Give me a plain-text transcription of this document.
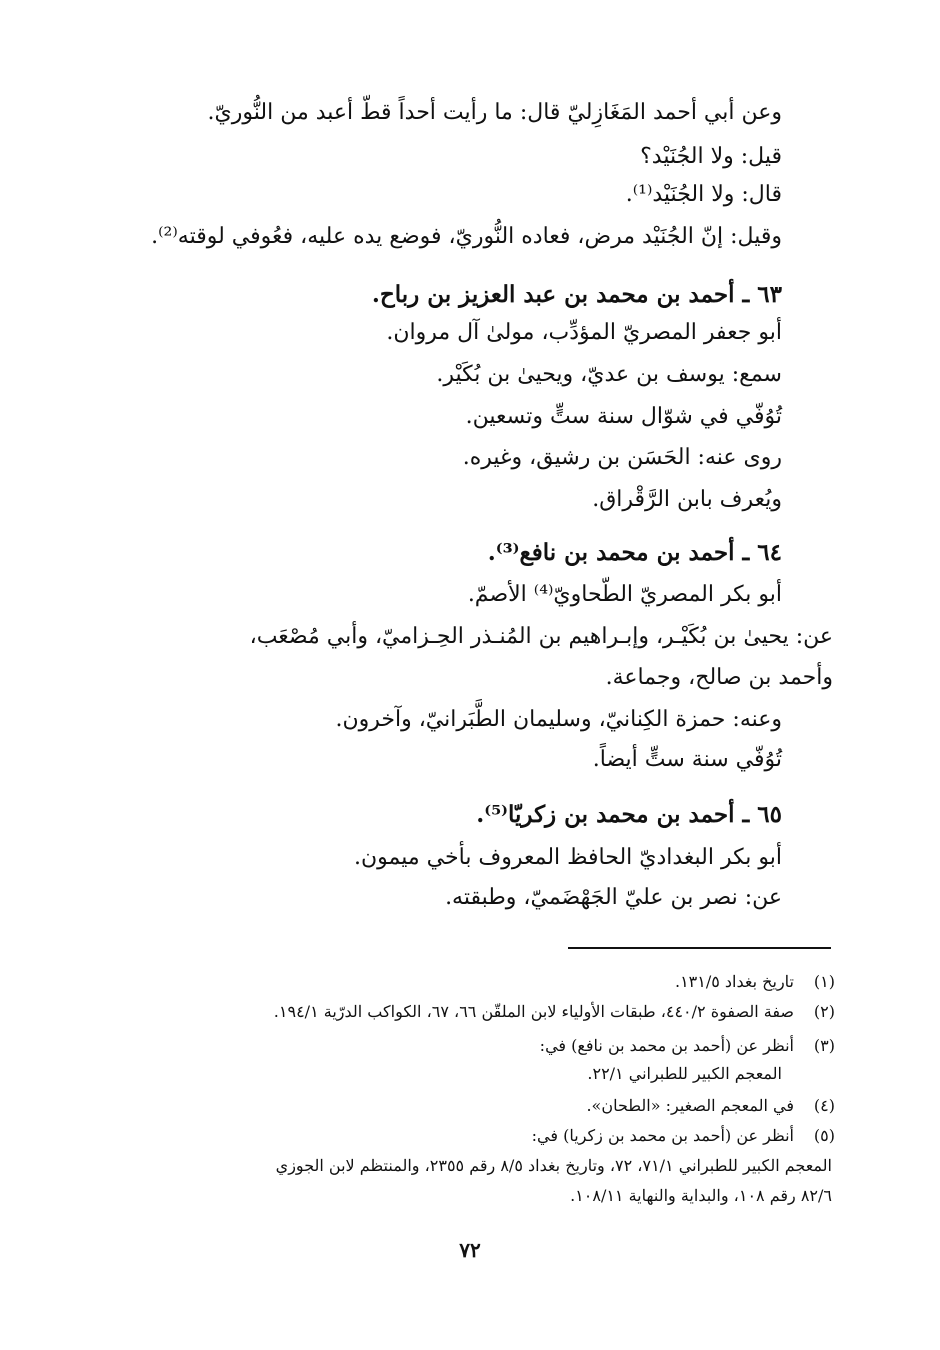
وعن أبي أحمد المَغَازِليّ قال: ما رأيت أحداً قطّ أعبد من النُّوريّ.
قيل: ولا الجُنَيْد؟
قال: ولا الجُنَيْد⁽¹⁾.
وقيل: إنّ الجُنَيْد مرض، فعاده النُّوريّ، فوضع يده عليه، فعُوفي لوقته⁽²⁾.
٦٣ ـ أحمد بن محمد بن عبد العزيز بن رباح.
أبو جعفر المصريّ المؤدِّب، مولىٰ آل مروان.
سمع: يوسف بن عديّ، ويحيىٰ بن بُكَيْر.
تُوُفّي في شوّال سنة ستٍّ وتسعين.
روى عنه: الحَسَن بن رشيق، وغيره.
ويُعرف بابن الرَّقْراق.
٦٤ ـ أحمد بن محمد بن نافع⁽³⁾.
أبو بكر المصريّ الطّحاويّ⁽⁴⁾ الأصمّ.
عن: يحيىٰ بن بُكَيْـر، وإبـراهيم بن المُنـذر الحِـزاميّ، وأبي مُصْعَب،
وأحمد بن صالح، وجماعة.
وعنه: حمزة الكِنانيّ، وسليمان الطَّبَرانيّ، وآخرون.
تُوُفّي سنة ستٍّ أيضاً.
٦٥ ـ أحمد بن محمد بن زكريّا⁽⁵⁾.
أبو بكر البغداديّ الحافظ المعروف بأخي ميمون.
عن: نصر بن عليّ الجَهْضَميّ، وطبقته.
(١)
تاريخ بغداد ١٣١/٥.
(٢)
صفة الصفوة ٤٤٠/٢، طبقات الأولياء لابن الملقّن ٦٦، ٦٧، الكواكب الدرّية ١٩٤/١.
(٣)
أنظر عن (أحمد بن محمد بن نافع) في:
المعجم الكبير للطبراني ٢٢/١.
(٤)
في المعجم الصغير: «الطحان».
(٥)
أنظر عن (أحمد بن محمد بن زكريا) في:
المعجم الكبير للطبراني ٧١/١، ٧٢، وتاريخ بغداد ٨/٥ رقم ٢٣٥٥، والمنتظم لابن الجوزي
٨٢/٦ رقم ١٠٨، والبداية والنهاية ١٠٨/١١.
٧٢
